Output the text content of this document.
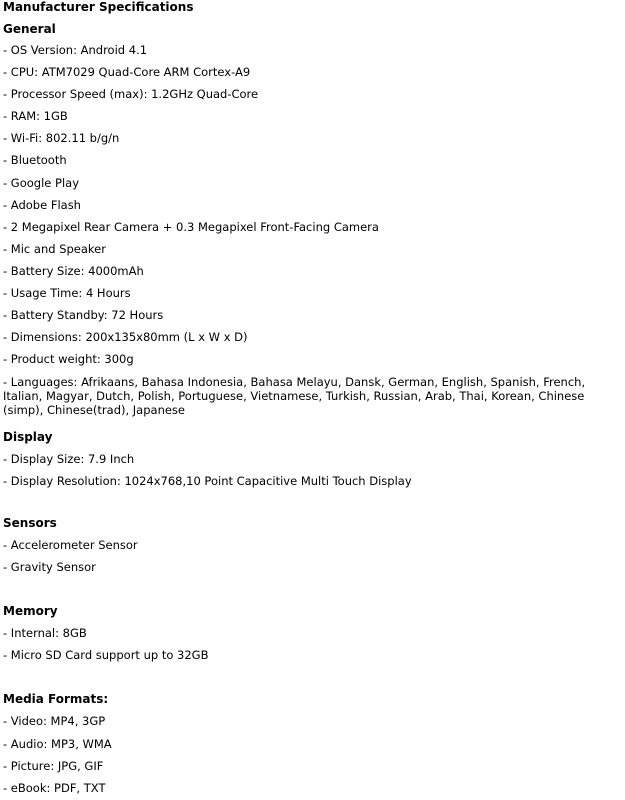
Manufacturer Specifications
General
- OS Version: Android 4.1
- CPU: ATM7029 Quad-Core ARM Cortex-A9
- Processor Speed (max): 1.2GHz Quad-Core
- RAM: 1GB
- Wi-Fi: 802.11 b/g/n
- Bluetooth
- Google Play
- Adobe Flash
- 2 Megapixel Rear Camera + 0.3 Megapixel Front-Facing Camera
- Mic and Speaker
- Battery Size: 4000mAh
- Usage Time: 4 Hours
- Battery Standby: 72 Hours
- Dimensions: 200x135x80mm (L x W x D)
- Product weight: 300g
- Languages: Afrikaans, Bahasa Indonesia, Bahasa Melayu, Dansk, German, English, Spanish, French, Italian, Magyar, Dutch, Polish, Portuguese, Vietnamese, Turkish, Russian, Arab, Thai, Korean, Chinese (simp), Chinese(trad), Japanese
Display
- Display Size: 7.9 Inch
- Display Resolution: 1024x768,10 Point Capacitive Multi Touch Display
Sensors
- Accelerometer Sensor
- Gravity Sensor
Memory
- Internal: 8GB
- Micro SD Card support up to 32GB
Media Formats:
- Video: MP4, 3GP
- Audio: MP3, WMA
- Picture: JPG, GIF
- eBook: PDF, TXT
